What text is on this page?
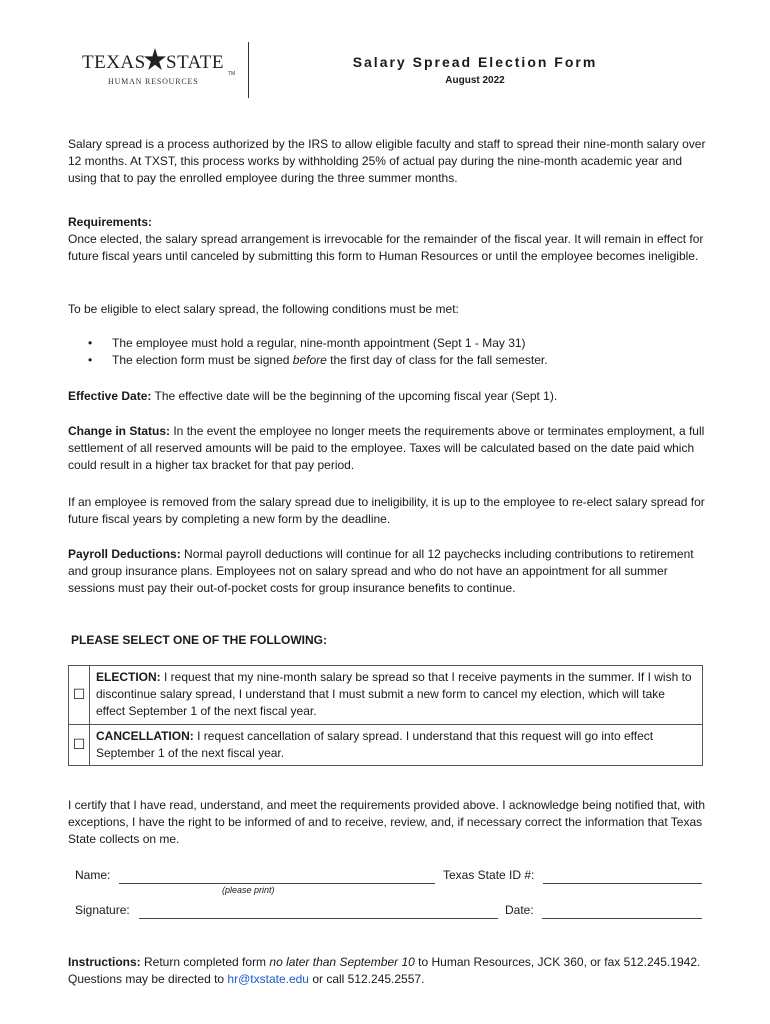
TEXAS STATE
HUMAN RESOURCES
TM
Salary Spread Election Form
August 2022
Salary spread is a process authorized by the IRS to allow eligible faculty and staff to spread their nine-month salary over 12 months. At TXST, this process works by withholding 25% of actual pay during the nine-month academic year and using that to pay the enrolled employee during the three summer months.
Requirements:
Once elected, the salary spread arrangement is irrevocable for the remainder of the fiscal year. It will remain in effect for future fiscal years until canceled by submitting this form to Human Resources or until the employee becomes ineligible.
To be eligible to elect salary spread, the following conditions must be met:
• The employee must hold a regular, nine-month appointment (Sept 1 - May 31)
• The election form must be signed before the first day of class for the fall semester.
Effective Date: The effective date will be the beginning of the upcoming fiscal year (Sept 1).
Change in Status: In the event the employee no longer meets the requirements above or terminates employment, a full settlement of all reserved amounts will be paid to the employee. Taxes will be calculated based on the date paid which could result in a higher tax bracket for that pay period.
If an employee is removed from the salary spread due to ineligibility, it is up to the employee to re-elect salary spread for future fiscal years by completing a new form by the deadline.
Payroll Deductions: Normal payroll deductions will continue for all 12 paychecks including contributions to retirement and group insurance plans. Employees not on salary spread and who do not have an appointment for all summer sessions must pay their out-of-pocket costs for group insurance benefits to continue.
PLEASE SELECT ONE OF THE FOLLOWING:
☐	ELECTION: I request that my nine-month salary be spread so that I receive payments in the summer. If I wish to discontinue salary spread, I understand that I must submit a new form to cancel my election, which will take effect September 1 of the next fiscal year.
☐	CANCELLATION: I request cancellation of salary spread. I understand that this request will go into effect September 1 of the next fiscal year.
I certify that I have read, understand, and meet the requirements provided above. I acknowledge being notified that, with exceptions, I have the right to be informed of and to receive, review, and, if necessary correct the information that Texas State collects on me.
Name:
(please print)
Texas State ID #:
Signature:	Date:
Instructions: Return completed form no later than September 10 to Human Resources, JCK 360, or fax 512.245.1942. Questions may be directed to hr@txstate.edu or call 512.245.2557.
